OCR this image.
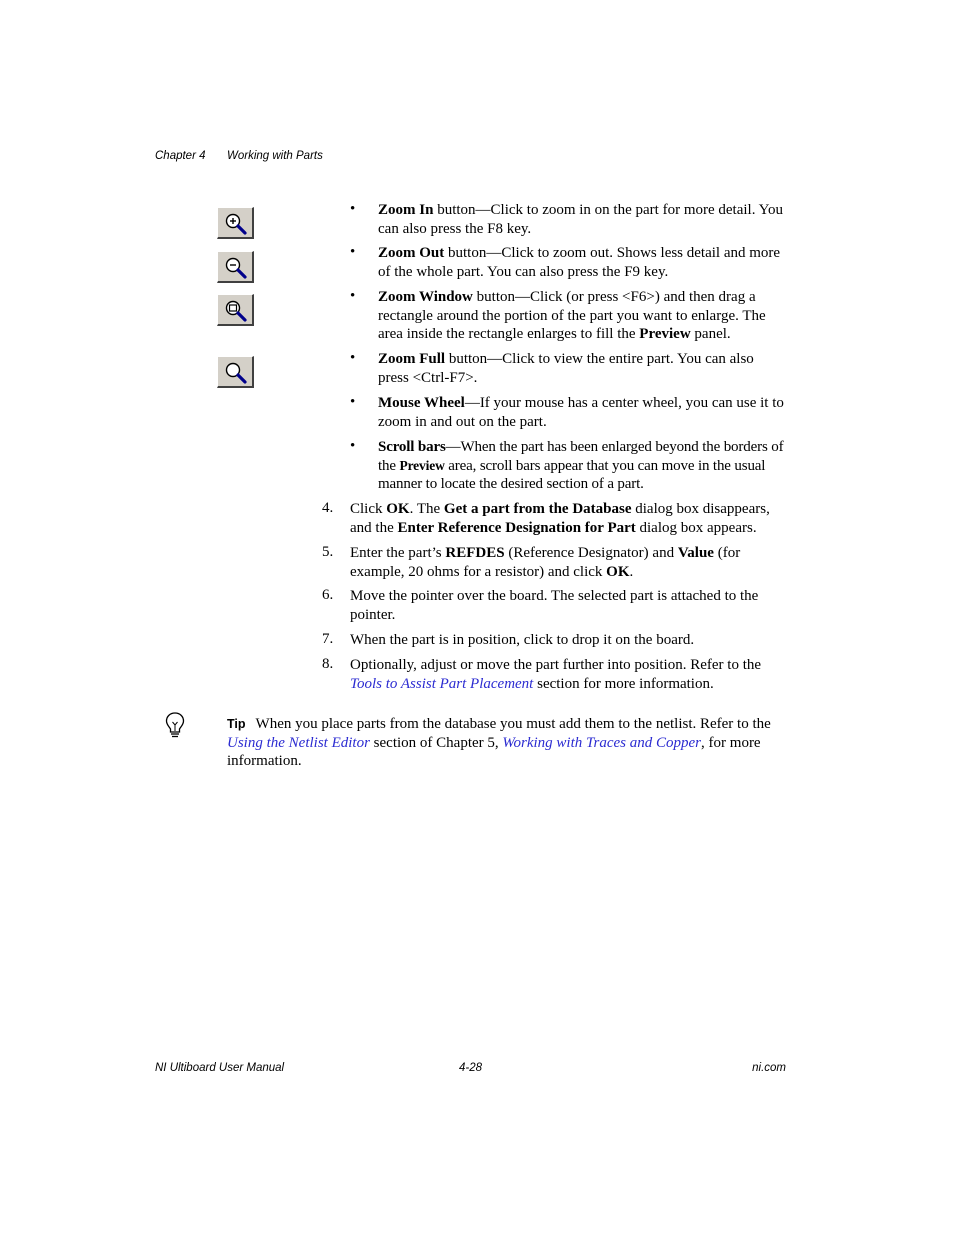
Chapter 4 Working with Parts
• Zoom In button—Click to zoom in on the part for more detail. You can also press the F8 key.
• Zoom Out button—Click to zoom out. Shows less detail and more of the whole part. You can also press the F9 key.
• Zoom Window button—Click (or press <F6>) and then drag a rectangle around the portion of the part you want to enlarge. The area inside the rectangle enlarges to fill the Preview panel.
• Zoom Full button—Click to view the entire part. You can also press <Ctrl-F7>.
• Mouse Wheel—If your mouse has a center wheel, you can use it to zoom in and out on the part.
• Scroll bars—When the part has been enlarged beyond the borders of the Preview area, scroll bars appear that you can move in the usual manner to locate the desired section of a part.
4. Click OK. The Get a part from the Database dialog box disappears, and the Enter Reference Designation for Part dialog box appears.
5. Enter the part’s REFDES (Reference Designator) and Value (for example, 20 ohms for a resistor) and click OK.
6. Move the pointer over the board. The selected part is attached to the pointer.
7. When the part is in position, click to drop it on the board.
8. Optionally, adjust or move the part further into position. Refer to the Tools to Assist Part Placement section for more information.
Tip When you place parts from the database you must add them to the netlist. Refer to the Using the Netlist Editor section of Chapter 5, Working with Traces and Copper, for more information.
NI Ultiboard User Manual	4-28	ni.com
